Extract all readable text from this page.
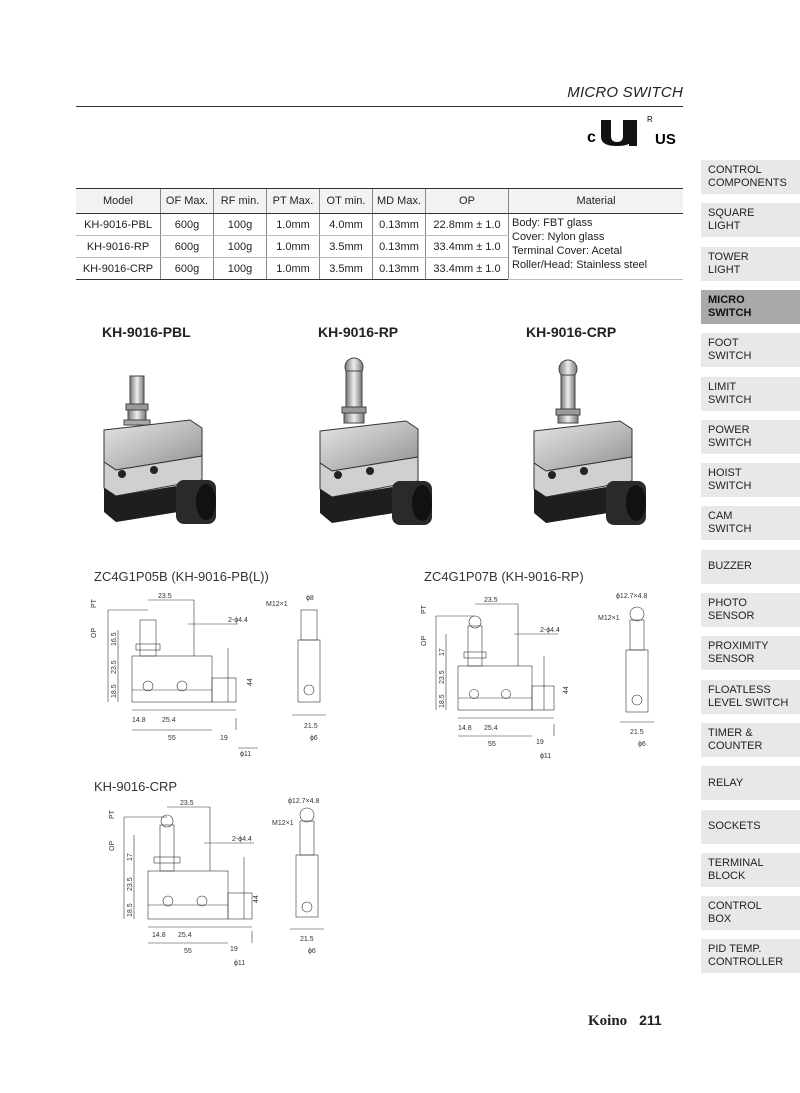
MICRO SWITCH
c
R
US
Model	OF Max.	RF min.	PT Max.	OT min.	MD Max.	OP	Material
KH-9016-PBL	600g	100g	1.0mm	4.0mm	0.13mm	22.8mm ± 1.0	Body: FBT glass
Cover: Nylon glass
Terminal Cover: Acetal
Roller/Head: Stainless steel

KH-9016-RP	600g	100g	1.0mm	3.5mm	0.13mm	33.4mm ± 1.0	
KH-9016-CRP	600g	100g	1.0mm	3.5mm	0.13mm	33.4mm ± 1.0	
KH-9016-PBL	KH-9016-RP	KH-9016-CRP
ZC4G1P05B (KH-9016-PB(L))	ZC4G1P07B (KH-9016-RP)
KH-9016-CRP
23.5
2-ϕ4.4
M12×1
ϕ8
PT
OP 16.5
23.5
18.5
14.8 25.4
55	19
ϕ11
44
21.5
ϕ6
23.5
2-ϕ4.4
M12×1
ϕ12.7×4.8
PT
OP
17
23.5
18.5
14.8 25.4
55	19
ϕ11
44
21.5
ϕ6
23.5
2-ϕ4.4
M12×1
ϕ12.7×4.8
PT
OP
17
23.5
18.5
14.8 25.4
55	19
ϕ11
44
21.5
ϕ6
CONTROL
COMPONENTS
SQUARE
LIGHT
TOWER
LIGHT
MICRO
SWITCH
FOOT
SWITCH
LIMIT
SWITCH
POWER
SWITCH
HOIST
SWITCH
CAM
SWITCH
BUZZER
PHOTO
SENSOR
PROXIMITY
SENSOR
FLOATLESS
LEVEL SWITCH
TIMER &
COUNTER
RELAY
SOCKETS
TERMINAL
BLOCK
CONTROL
BOX
PID TEMP.
CONTROLLER
Koino 211
